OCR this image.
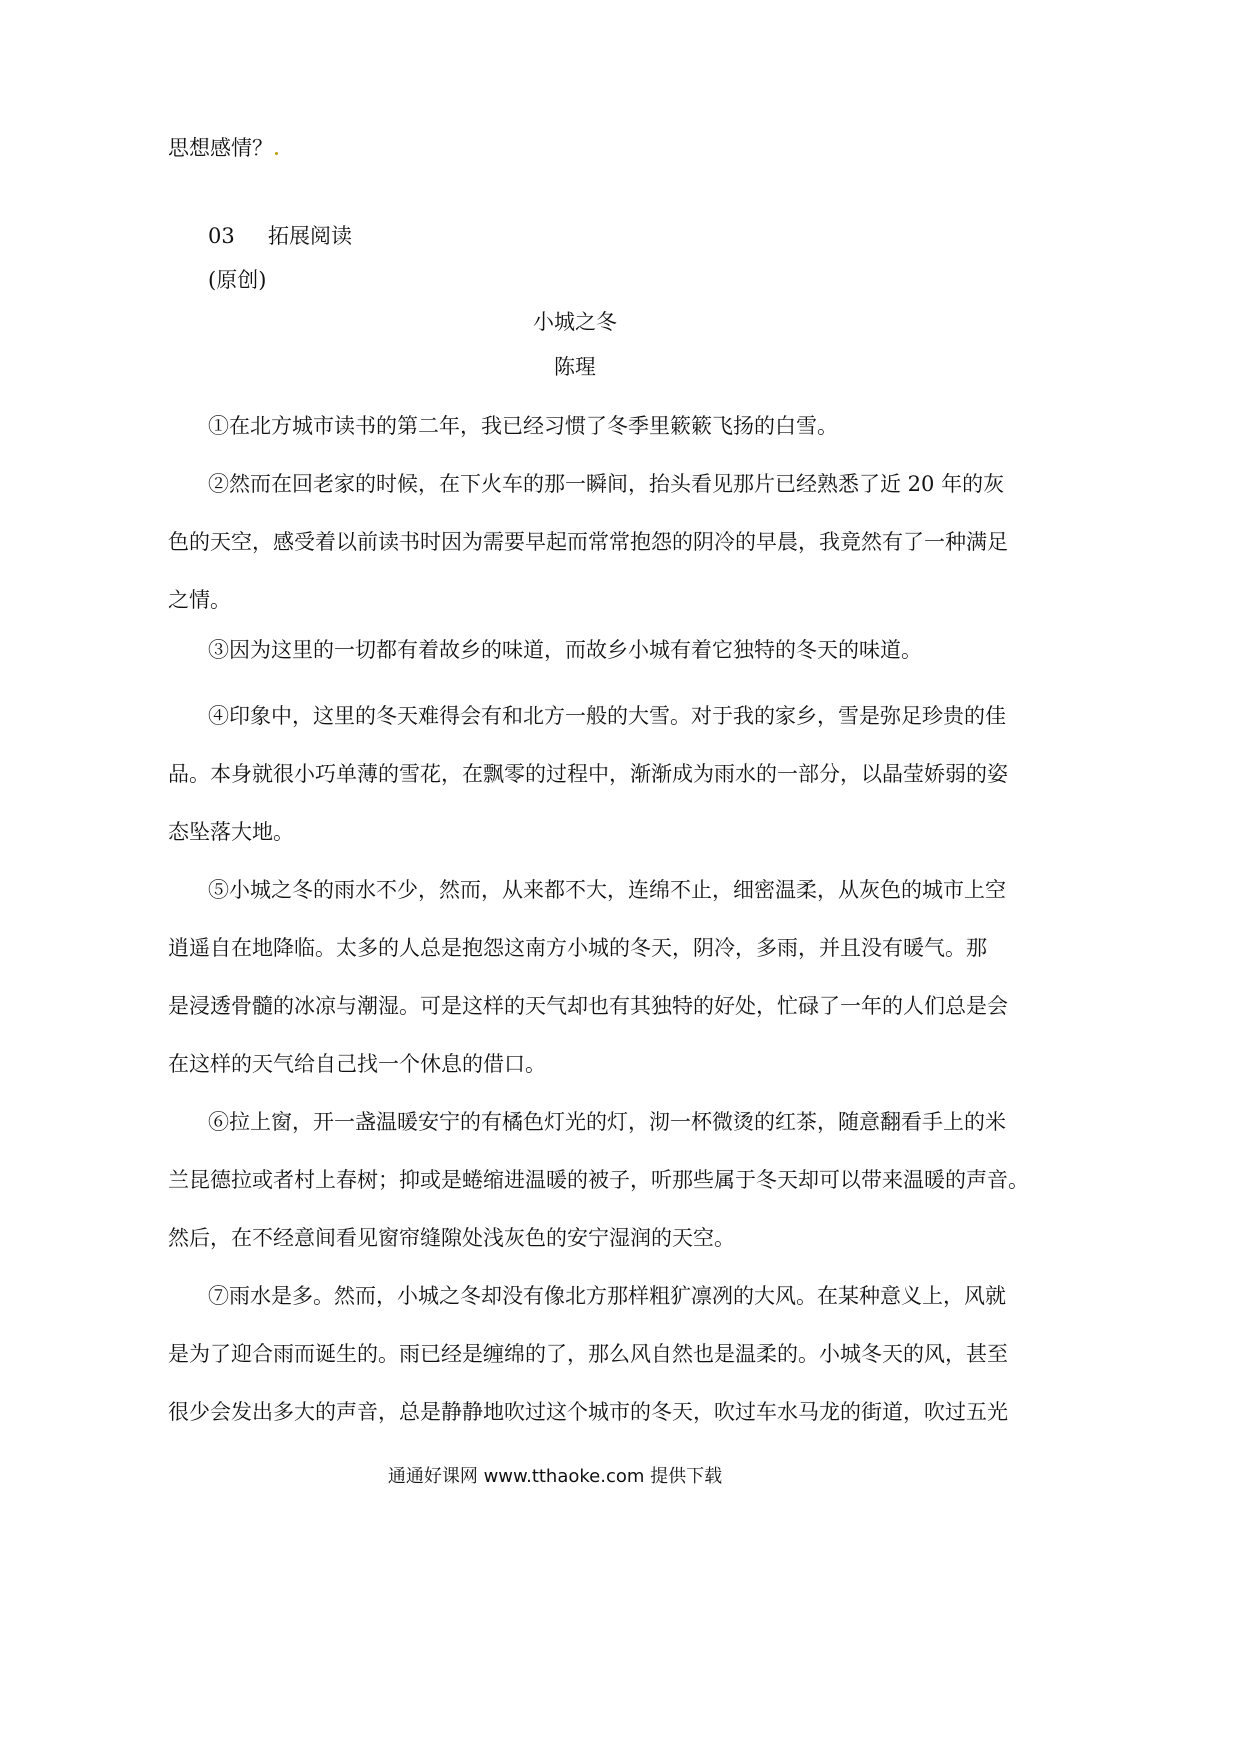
思想感情？
03 拓展阅读
(原创)
小城之冬
陈瑆
①在北方城市读书的第二年，我已经习惯了冬季里簌簌飞扬的白雪。
②然而在回老家的时候，在下火车的那一瞬间，抬头看见那片已经熟悉了近 20 年的灰
色的天空，感受着以前读书时因为需要早起而常常抱怨的阴冷的早晨，我竟然有了一种满足
之情。
③因为这里的一切都有着故乡的味道，而故乡小城有着它独特的冬天的味道。
④印象中，这里的冬天难得会有和北方一般的大雪。对于我的家乡，雪是弥足珍贵的佳
品。本身就很小巧单薄的雪花，在飘零的过程中，渐渐成为雨水的一部分，以晶莹娇弱的姿
态坠落大地。
⑤小城之冬的雨水不少，然而，从来都不大，连绵不止，细密温柔，从灰色的城市上空
逍遥自在地降临。太多的人总是抱怨这南方小城的冬天，阴冷，多雨，并且没有暖气。那
是浸透骨髓的冰凉与潮湿。可是这样的天气却也有其独特的好处，忙碌了一年的人们总是会
在这样的天气给自己找一个休息的借口。
⑥拉上窗，开一盏温暖安宁的有橘色灯光的灯，沏一杯微烫的红茶，随意翻看手上的米
兰昆德拉或者村上春树；抑或是蜷缩进温暖的被子，听那些属于冬天却可以带来温暖的声音。
然后，在不经意间看见窗帘缝隙处浅灰色的安宁湿润的天空。
⑦雨水是多。然而，小城之冬却没有像北方那样粗犷凛冽的大风。在某种意义上，风就
是为了迎合雨而诞生的。雨已经是缠绵的了，那么风自然也是温柔的。小城冬天的风，甚至
很少会发出多大的声音，总是静静地吹过这个城市的冬天，吹过车水马龙的街道，吹过五光
通通好课网 www.tthaoke.com 提供下载
